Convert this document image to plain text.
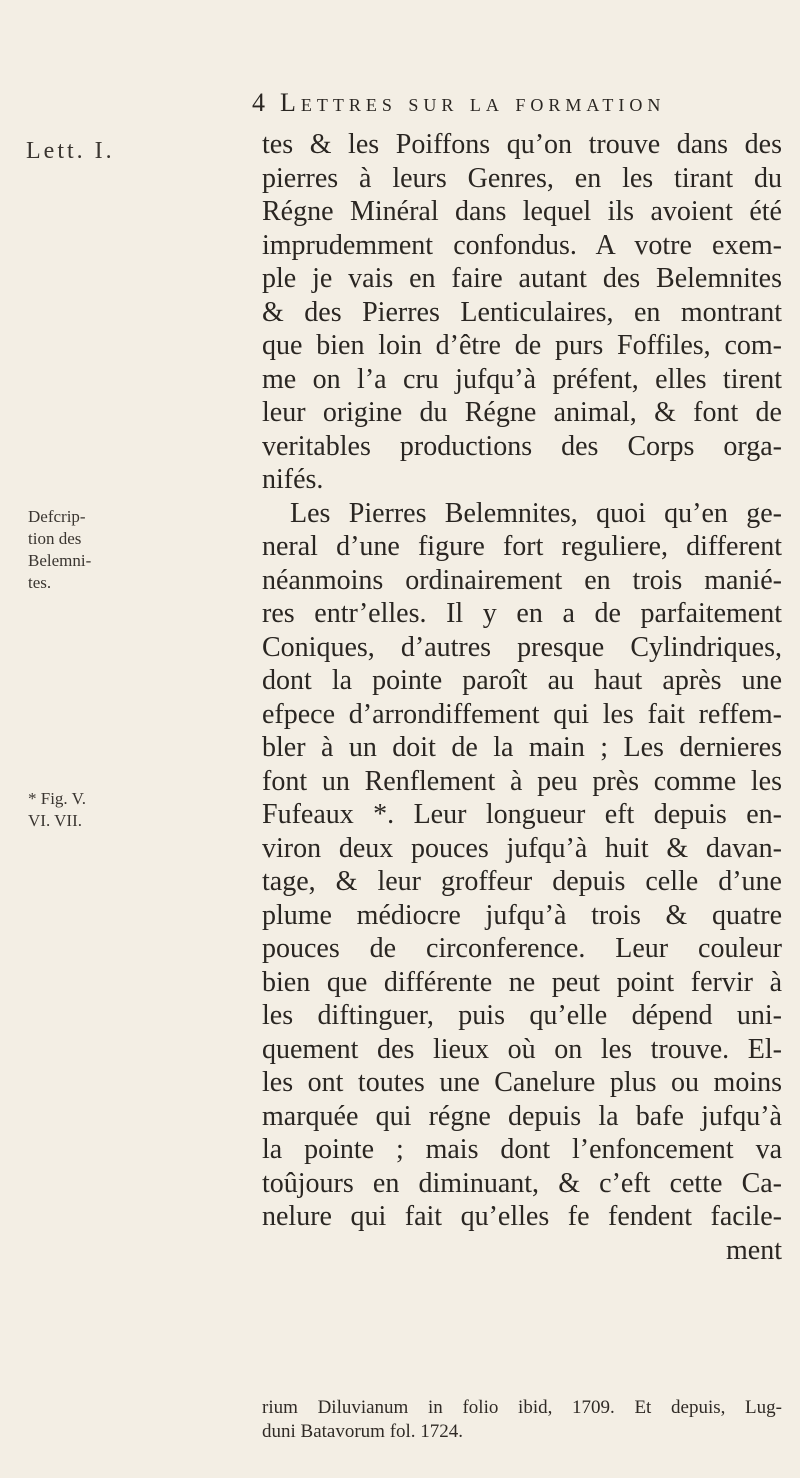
4 Lettres sur la formation
Lett. I.
Defcrip-
tion des
Belemni-
tes.
* Fig. V.
VI. VII.
tes & les Poiffons qu’on trouve dans des
pierres à leurs Genres, en les tirant du
Régne Minéral dans lequel ils avoient été
imprudemment confondus. A votre exem-
ple je vais en faire autant des Belemnites
& des Pierres Lenticulaires, en montrant
que bien loin d’être de purs Foffiles, com-
me on l’a cru jufqu’à préfent, elles tirent
leur origine du Régne animal, & font de
veritables productions des Corps orga-
nifés.
Les Pierres Belemnites, quoi qu’en ge-
neral d’une figure fort reguliere, different
néanmoins ordinairement en trois manié-
res entr’elles. Il y en a de parfaitement
Coniques, d’autres presque Cylindriques,
dont la pointe paroît au haut après une
efpece d’arrondiffement qui les fait reffem-
bler à un doit de la main ; Les dernieres
font un Renflement à peu près comme les
Fufeaux *. Leur longueur eft depuis en-
viron deux pouces jufqu’à huit & davan-
tage, & leur groffeur depuis celle d’une
plume médiocre jufqu’à trois & quatre
pouces de circonference. Leur couleur
bien que différente ne peut point fervir à
les diftinguer, puis qu’elle dépend uni-
quement des lieux où on les trouve. El-
les ont toutes une Canelure plus ou moins
marquée qui régne depuis la bafe jufqu’à
la pointe ; mais dont l’enfoncement va
toûjours en diminuant, & c’eft cette Ca-
nelure qui fait qu’elles fe fendent facile-
ment
rium Diluvianum in folio ibid, 1709. Et depuis, Lug-
duni Batavorum fol. 1724.
